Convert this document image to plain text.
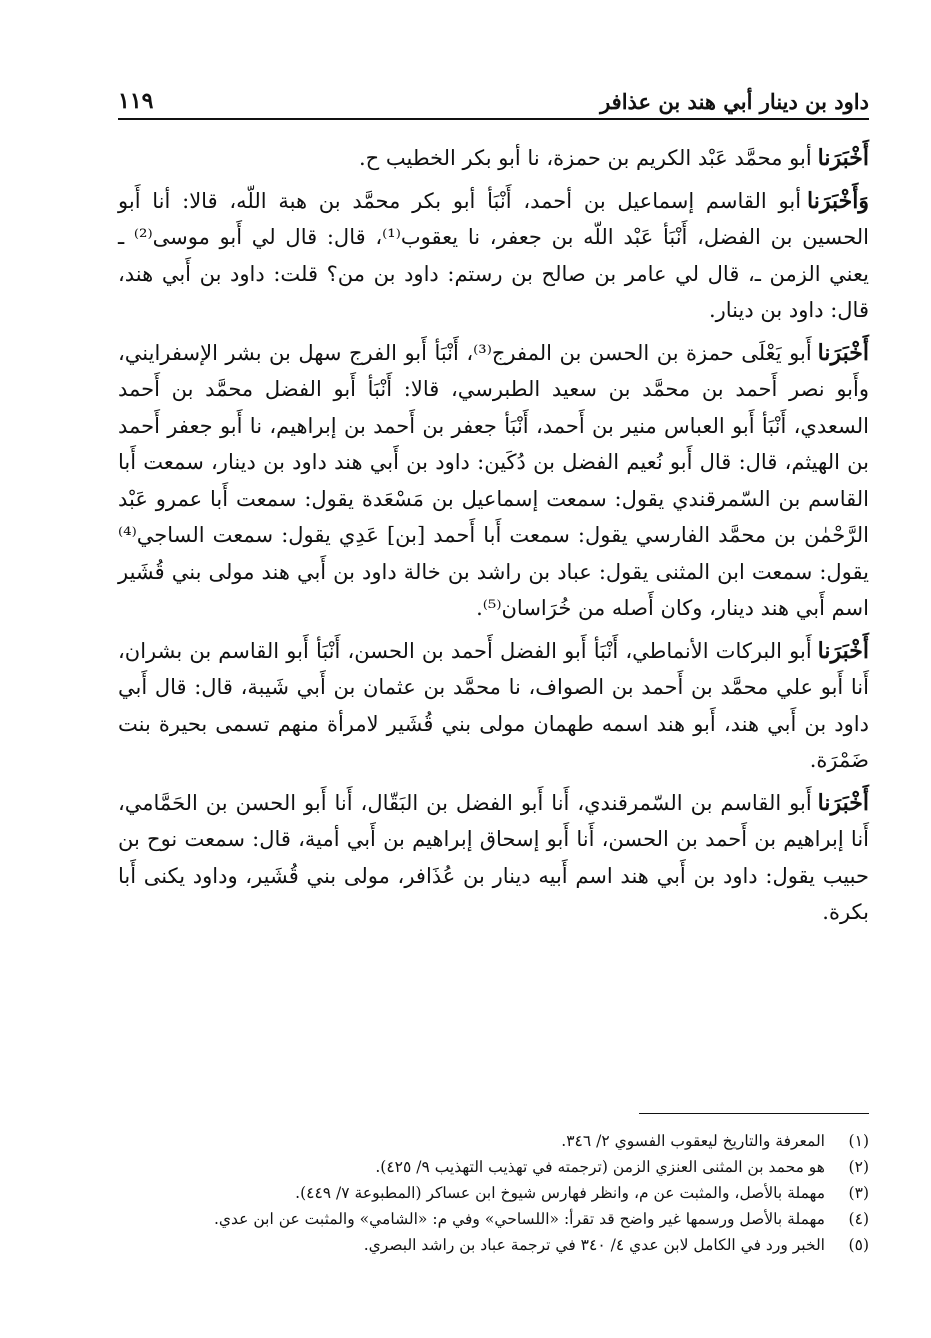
داود بن دينار أبي هند بن عذافر
١١٩

أَخْبَرَناأبو محمَّد عَبْد الكريم بن حمزة، نا أبو بكر الخطيب ح.

وَأَخْبَرَناأبو القاسم إسماعيل بن أحمد، أَنْبَأ أبو بكر محمَّد بن هبة اللّه، قالا: أنا أَبو الحسين بن الفضل، أَنْبَأ عَبْد اللّه بن جعفر، نا يعقوب⁽¹⁾، قال: قال لي أَبو موسى⁽²⁾ ـ يعني الزمن ـ، قال لي عامر بن صالح بن رستم: داود بن من؟ قلت: داود بن أَبي هند، قال: داود بن دينار.

أَخْبَرَناأَبو يَعْلَى حمزة بن الحسن بن المفرج⁽³⁾، أَنْبَأ أَبو الفرج سهل بن بشر الإسفرايني، وأَبو نصر أَحمد بن محمَّد بن سعيد الطبرسي، قالا: أَنْبَأ أَبو الفضل محمَّد بن أَحمد السعدي، أَنْبَأ أَبو العباس منير بن أَحمد، أَنْبَأ جعفر بن أَحمد بن إبراهيم، نا أَبو جعفر أَحمد بن الهيثم، قال: قال أَبو نُعيم الفضل بن دُكَين: داود بن أَبي هند داود بن دينار، سمعت أَبا القاسم بن السّمرقندي يقول: سمعت إسماعيل بن مَسْعَدة يقول: سمعت أَبا عمرو عَبْد الرَّحْمٰن بن محمَّد الفارسي يقول: سمعت أَبا أَحمد [بن] عَدِي يقول: سمعت الساجي⁽⁴⁾ يقول: سمعت ابن المثنى يقول: عباد بن راشد بن خالة داود بن أَبي هند مولى بني قُشَير اسم أَبي هند دينار، وكان أَصله من خُرَاسان⁽⁵⁾.

أَخْبَرَناأَبو البركات الأنماطي، أَنْبَأ أَبو الفضل أَحمد بن الحسن، أَنْبَأ أَبو القاسم بن بشران، أَنا أَبو علي محمَّد بن أَحمد بن الصواف، نا محمَّد بن عثمان بن أَبي شَيبة، قال: قال أَبي داود بن أَبي هند، أَبو هند اسمه طهمان مولى بني قُشَير لامرأة منهم تسمى بحيرة بنت ضَمْرَة.

أَخْبَرَناأَبو القاسم بن السّمرقندي، أَنا أَبو الفضل بن البَقّال، أَنا أَبو الحسن بن الحَمَّامي، أَنا إبراهيم بن أَحمد بن الحسن، أَنا أَبو إسحاق إبراهيم بن أَبي أمية، قال: سمعت نوح بن حبيب يقول: داود بن أَبي هند اسم أَبيه دينار بن عُذَافر، مولى بني قُشَير، وداود يكنى أَبا بكرة.

(١)
المعرفة والتاريخ ليعقوب الفسوي ٢/ ٣٤٦.
(٢)
هو محمد بن المثنى العنزي الزمن (ترجمته في تهذيب التهذيب ٩/ ٤٢٥).
(٣)
مهملة بالأصل، والمثبت عن م، وانظر فهارس شيوخ ابن عساكر (المطبوعة ٧/ ٤٤٩).
(٤)
مهملة بالأصل ورسمها غير واضح قد تقرأ: «اللساحي» وفي م: «الشامي» والمثبت عن ابن عدي.
(٥)
الخبر ورد في الكامل لابن عدي ٤/ ٣٤٠ في ترجمة عباد بن راشد البصري.
